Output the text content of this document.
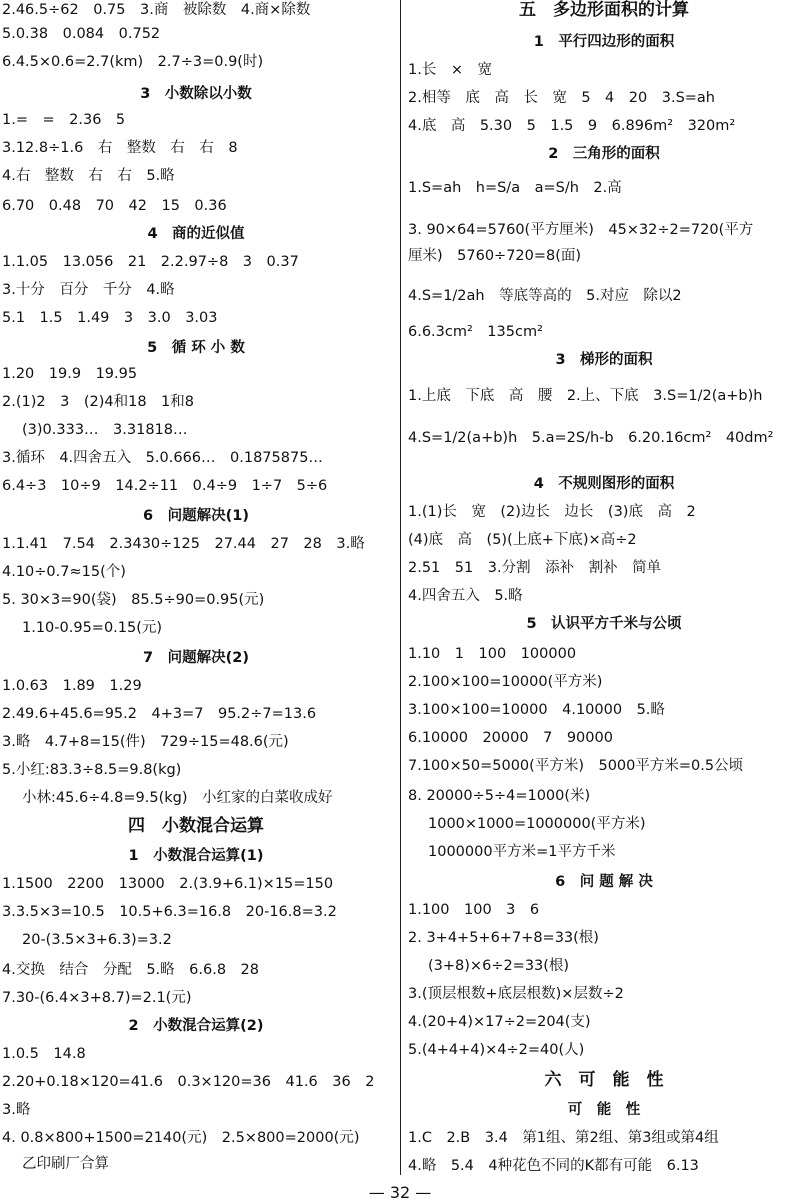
2.46.5÷62　0.75　3.商　被除数　4.商×除数
5.0.38　0.084　0.752
6.4.5×0.6=2.7(km)　2.7÷3=0.9(时)
3　小数除以小数
1.=　=　2.36　5
3.12.8÷1.6　右　整数　右　右　8
4.右　整数　右　右　5.略
6.70　0.48　70　42　15　0.36
4　商的近似值
1.1.05　13.056　21　2.2.97÷8　3　0.37
3.十分　百分　千分　4.略
5.1　1.5　1.49　3　3.0　3.03
5　循 环 小 数
1.20　19.9　19.95
2.(1)2　3　(2)4和18　1和8
(3)0.333…　3.31818…
3.循环　4.四舍五入　5.0.666…　0.1875875…
6.4÷3　10÷9　14.2÷11　0.4÷9　1÷7　5÷6
6　问题解决(1)
1.1.41　7.54　2.3430÷125　27.44　27　28　3.略
4.10÷0.7≈15(个)
5. 30×3=90(袋)　85.5÷90=0.95(元)
1.10-0.95=0.15(元)
7　问题解决(2)
1.0.63　1.89　1.29
2.49.6+45.6=95.2　4+3=7　95.2÷7=13.6
3.略　4.7+8=15(件)　729÷15=48.6(元)
5.小红:83.3÷8.5=9.8(kg)
小林:45.6÷4.8=9.5(kg)　小红家的白菜收成好
四　小数混合运算
1　小数混合运算(1)
1.1500　2200　13000　2.(3.9+6.1)×15=150
3.3.5×3=10.5　10.5+6.3=16.8　20-16.8=3.2
20-(3.5×3+6.3)=3.2
4.交换　结合　分配　5.略　6.6.8　28
7.30-(6.4×3+8.7)=2.1(元)
2　小数混合运算(2)
1.0.5　14.8
2.20+0.18×120=41.6　0.3×120=36　41.6　36　2
3.略
4. 0.8×800+1500=2140(元)　2.5×800=2000(元)
乙印刷厂合算
五　多边形面积的计算
1　平行四边形的面积
1.长　×　宽
2.相等　底　高　长　宽　5　4　20　3.S=ah
4.底　高　5.30　5　1.5　9　6.896m²　320m²
2　三角形的面积
1.S=ah　h=S/a　a=S/h　2.高
3. 90×64=5760(平方厘米)　45×32÷2=720(平方
厘米)　5760÷720=8(面)
4.S=1/2ah　等底等高的　5.对应　除以2
6.6.3cm²　135cm²
3　梯形的面积
1.上底　下底　高　腰　2.上、下底　3.S=1/2(a+b)h
4.S=1/2(a+b)h　5.a=2S/h-b　6.20.16cm²　40dm²
4　不规则图形的面积
1.(1)长　宽　(2)边长　边长　(3)底　高　2
(4)底　高　(5)(上底+下底)×高÷2
2.51　51　3.分割　添补　割补　简单
4.四舍五入　5.略
5　认识平方千米与公顷
1.10　1　100　100000
2.100×100=10000(平方米)
3.100×100=10000　4.10000　5.略
6.10000　20000　7　90000
7.100×50=5000(平方米)　5000平方米=0.5公顷
8. 20000÷5÷4=1000(米)
1000×1000=1000000(平方米)
1000000平方米=1平方千米
6　问 题 解 决
1.100　100　3　6
2. 3+4+5+6+7+8=33(根)
(3+8)×6÷2=33(根)
3.(顶层根数+底层根数)×层数÷2
4.(20+4)×17÷2=204(支)
5.(4+4+4)×4÷2=40(人)
六　可　能　性
可　能　性
1.C　2.B　3.4　第1组、第2组、第3组或第4组
4.略　5.4　4种花色不同的K都有可能　6.13
— 32 —
